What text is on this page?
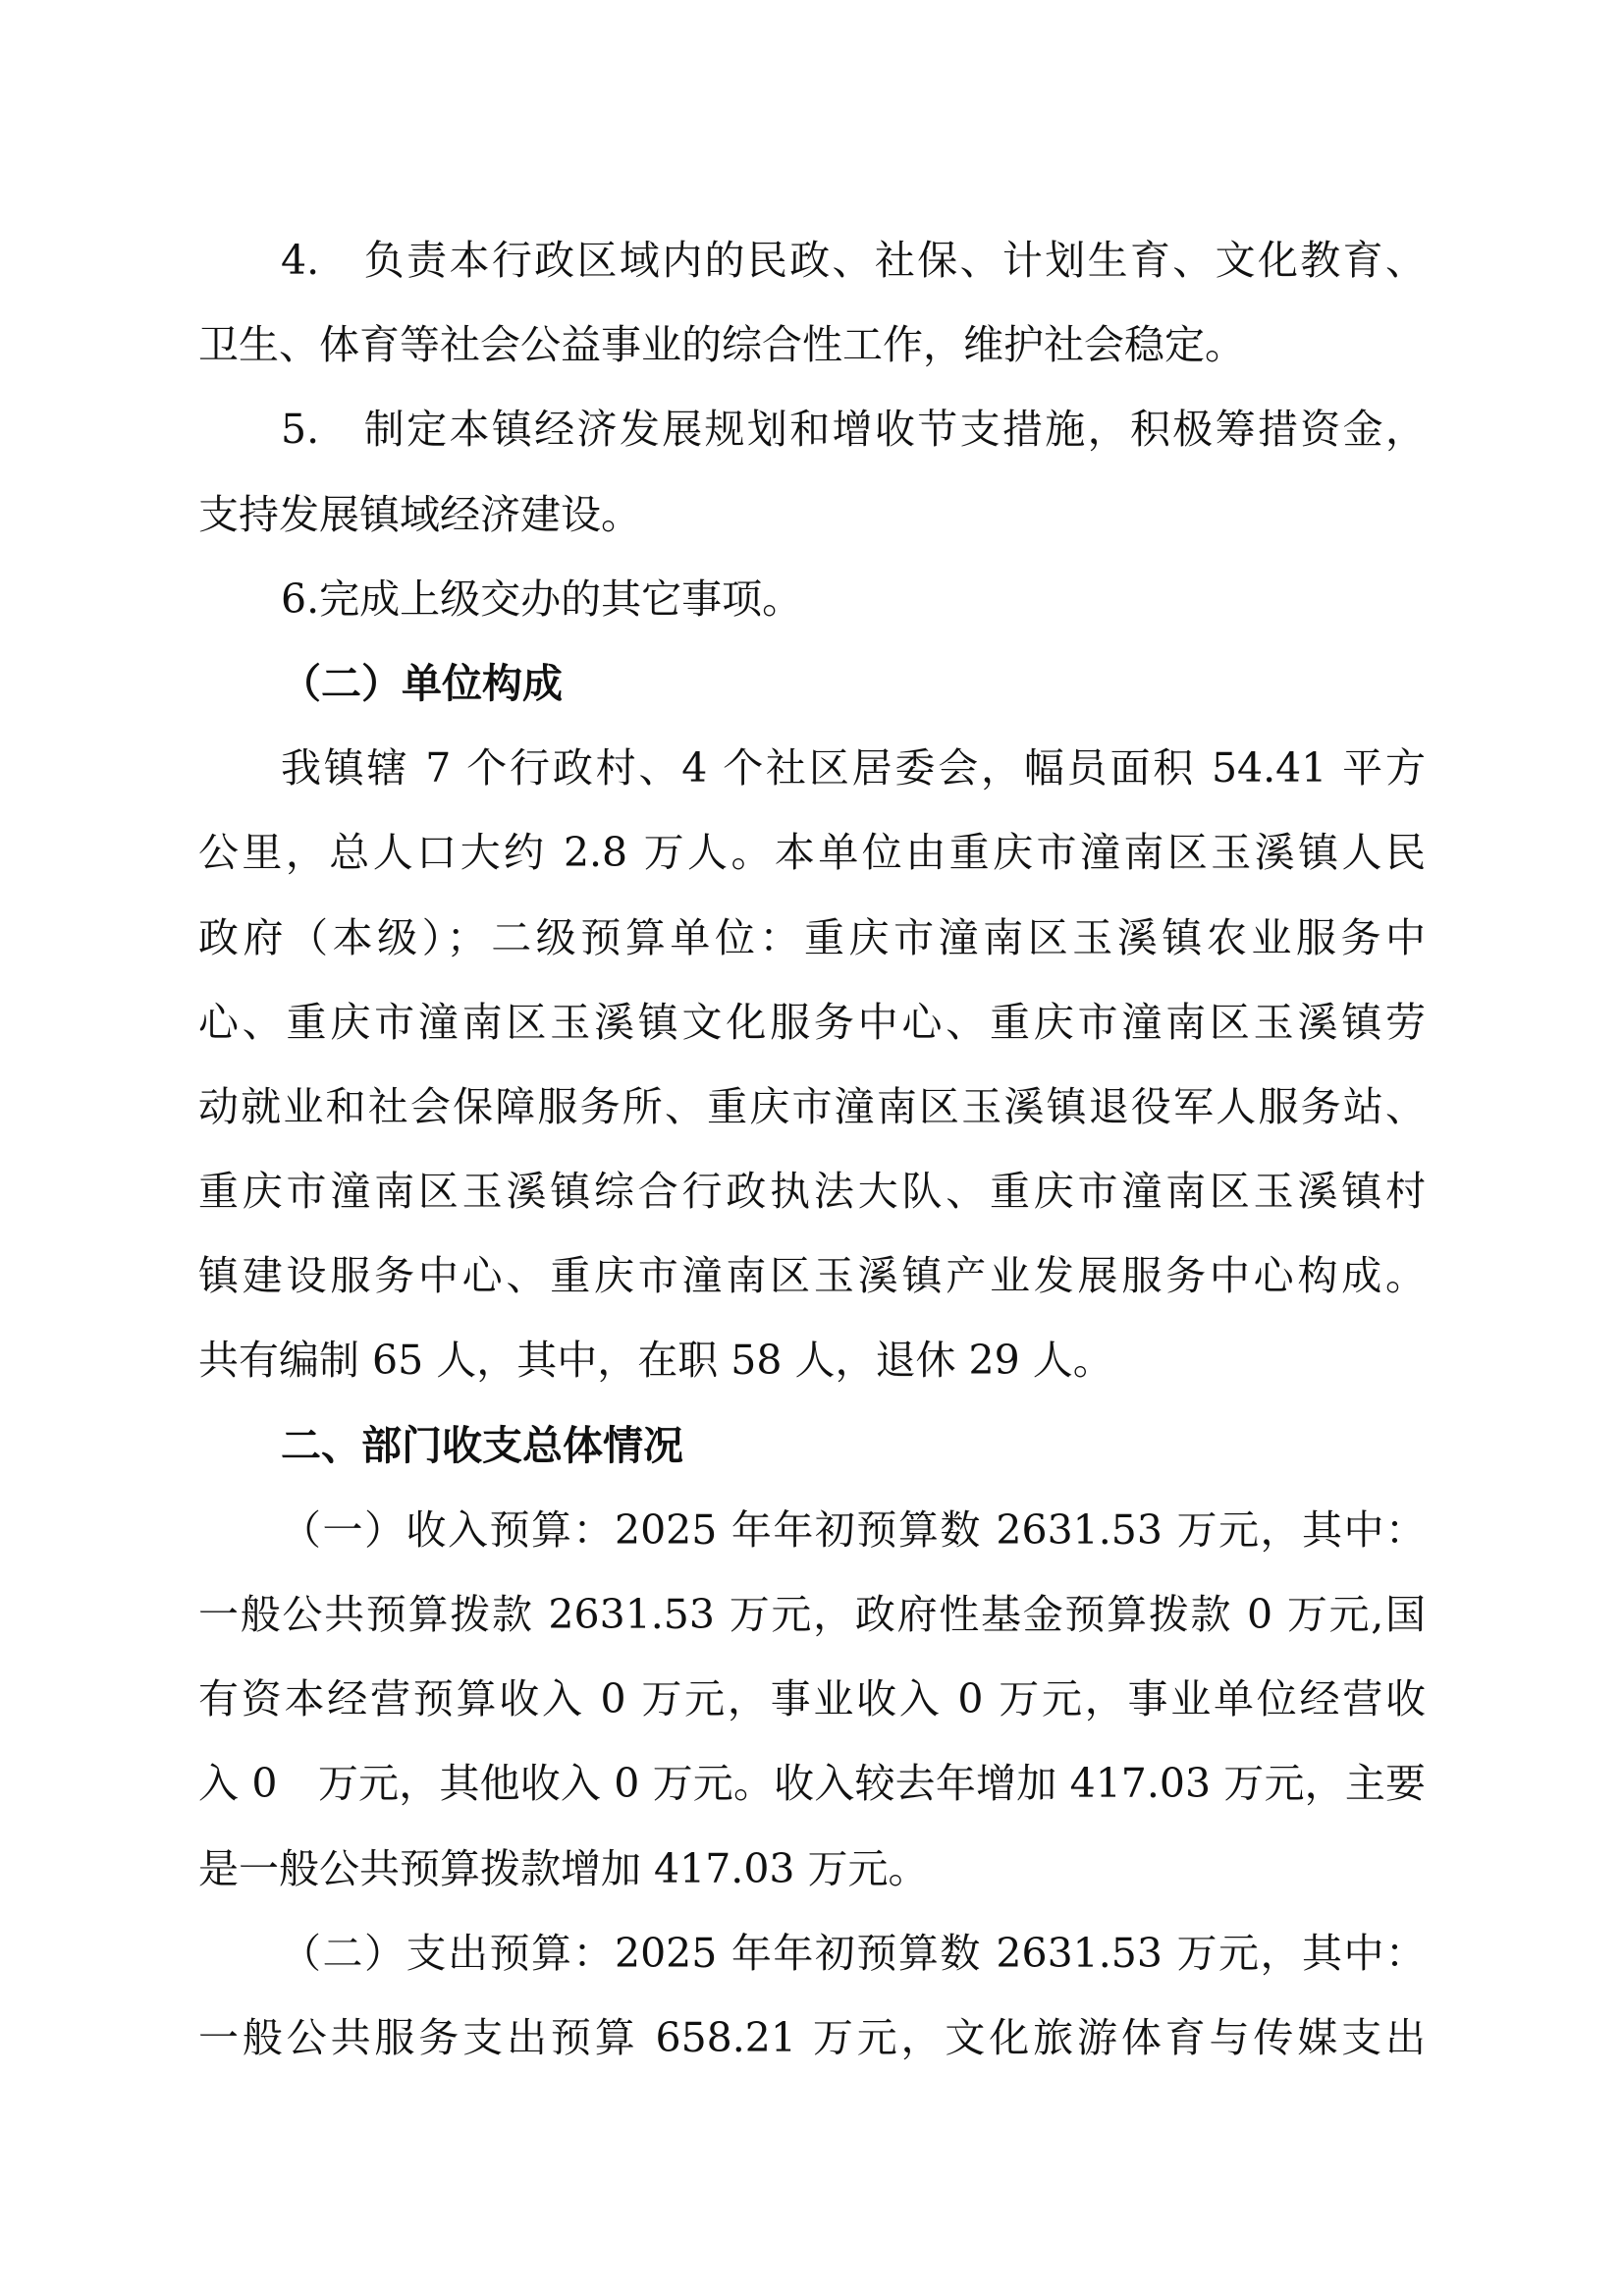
4.　负责本行政区域内的民政、社保、计划生育、文化教育、
卫生、体育等社会公益事业的综合性工作，维护社会稳定。
5.　制定本镇经济发展规划和增收节支措施，积极筹措资金，
支持发展镇域经济建设。
6.完成上级交办的其它事项。
（二）单位构成
我镇辖 7 个行政村、4 个社区居委会，幅员面积 54.41 平方
公里，总人口大约 2.8 万人。本单位由重庆市潼南区玉溪镇人民
政府（本级）；二级预算单位：重庆市潼南区玉溪镇农业服务中
心、重庆市潼南区玉溪镇文化服务中心、重庆市潼南区玉溪镇劳
动就业和社会保障服务所、重庆市潼南区玉溪镇退役军人服务站、
重庆市潼南区玉溪镇综合行政执法大队、重庆市潼南区玉溪镇村
镇建设服务中心、重庆市潼南区玉溪镇产业发展服务中心构成。
共有编制 65 人，其中，在职 58 人，退休 29 人。
二、部门收支总体情况
（一）收入预算：2025 年年初预算数 2631.53 万元，其中：
一般公共预算拨款 2631.53 万元，政府性基金预算拨款 0 万元,国
有资本经营预算收入 0 万元，事业收入 0 万元，事业单位经营收
入 0　万元，其他收入 0 万元。收入较去年增加 417.03 万元，主要
是一般公共预算拨款增加 417.03 万元。
（二）支出预算：2025 年年初预算数 2631.53 万元，其中：
一般公共服务支出预算 658.21 万元，文化旅游体育与传媒支出
